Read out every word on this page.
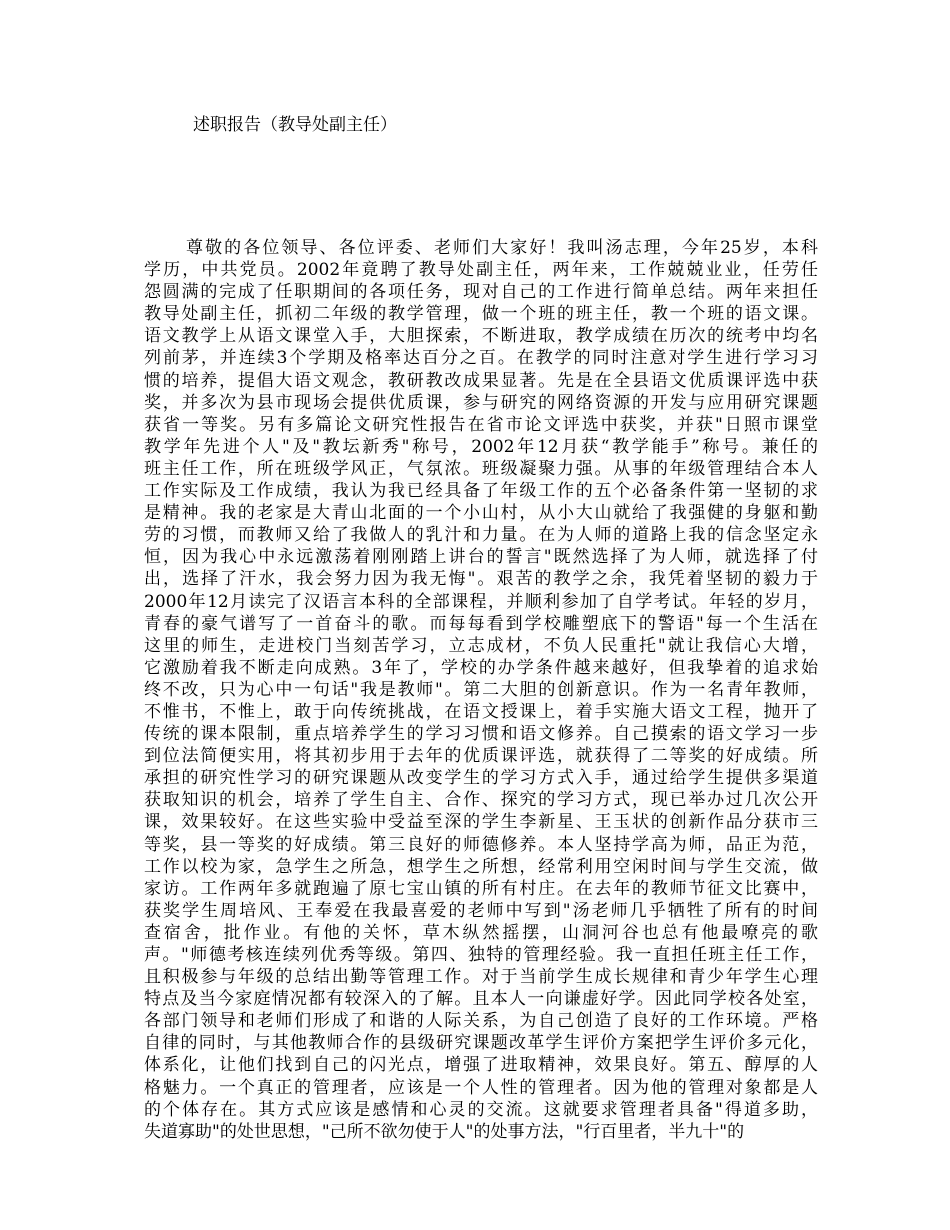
述职报告（教导处副主任）
尊敬的各位领导、各位评委、老师们大家好！我叫汤志理，今年25岁，本科
学历，中共党员。2002年竟聘了教导处副主任，两年来，工作兢兢业业，任劳任
怨圆满的完成了任职期间的各项任务，现对自己的工作进行简单总结。两年来担任
教导处副主任，抓初二年级的教学管理，做一个班的班主任，教一个班的语文课。
语文教学上从语文课堂入手，大胆探索，不断进取，教学成绩在历次的统考中均名
列前茅，并连续3个学期及格率达百分之百。在教学的同时注意对学生进行学习习
惯的培养，提倡大语文观念，教研教改成果显著。先是在全县语文优质课评选中获
奖，并多次为县市现场会提供优质课，参与研究的网络资源的开发与应用研究课题
获省一等奖。另有多篇论文研究性报告在省市论文评选中获奖，并获"日照市课堂
教学年先进个人"及"教坛新秀"称号，2002年12月获“教学能手”称号。兼任的
班主任工作，所在班级学风正，气氛浓。班级凝聚力强。从事的年级管理结合本人
工作实际及工作成绩，我认为我已经具备了年级工作的五个必备条件第一坚韧的求
是精神。我的老家是大青山北面的一个小山村，从小大山就给了我强健的身躯和勤
劳的习惯，而教师又给了我做人的乳汁和力量。在为人师的道路上我的信念坚定永
恒，因为我心中永远激荡着刚刚踏上讲台的誓言"既然选择了为人师，就选择了付
出，选择了汗水，我会努力因为我无悔"。艰苦的教学之余，我凭着坚韧的毅力于
2000年12月读完了汉语言本科的全部课程，并顺利参加了自学考试。年轻的岁月，
青春的豪气谱写了一首奋斗的歌。而每每看到学校雕塑底下的警语"每一个生活在
这里的师生，走进校门当刻苦学习，立志成材，不负人民重托"就让我信心大增，
它激励着我不断走向成熟。3年了，学校的办学条件越来越好，但我挚着的追求始
终不改，只为心中一句话"我是教师"。第二大胆的创新意识。作为一名青年教师，
不惟书，不惟上，敢于向传统挑战，在语文授课上，着手实施大语文工程，抛开了
传统的课本限制，重点培养学生的学习习惯和语文修养。自己摸索的语文学习一步
到位法简便实用，将其初步用于去年的优质课评选，就获得了二等奖的好成绩。所
承担的研究性学习的研究课题从改变学生的学习方式入手，通过给学生提供多渠道
获取知识的机会，培养了学生自主、合作、探究的学习方式，现已举办过几次公开
课，效果较好。在这些实验中受益至深的学生李新星、王玉状的创新作品分获市三
等奖，县一等奖的好成绩。第三良好的师德修养。本人坚持学高为师，品正为范，
工作以校为家，急学生之所急，想学生之所想，经常利用空闲时间与学生交流，做
家访。工作两年多就跑遍了原七宝山镇的所有村庄。在去年的教师节征文比赛中，
获奖学生周培风、王奉爱在我最喜爱的老师中写到"汤老师几乎牺牲了所有的时间
查宿舍，批作业。有他的关怀，草木纵然摇摆，山洞河谷也总有他最嘹亮的歌
声。"师德考核连续列优秀等级。第四、独特的管理经验。我一直担任班主任工作，
且积极参与年级的总结出勤等管理工作。对于当前学生成长规律和青少年学生心理
特点及当今家庭情况都有较深入的了解。且本人一向谦虚好学。因此同学校各处室，
各部门领导和老师们形成了和谐的人际关系，为自己创造了良好的工作环境。严格
自律的同时，与其他教师合作的县级研究课题改革学生评价方案把学生评价多元化，
体系化，让他们找到自己的闪光点，增强了进取精神，效果良好。第五、醇厚的人
格魅力。一个真正的管理者，应该是一个人性的管理者。因为他的管理对象都是人
的个体存在。其方式应该是感情和心灵的交流。这就要求管理者具备"得道多助，
失道寡助"的处世思想，"己所不欲勿使于人"的处事方法，"行百里者，半九十"的
